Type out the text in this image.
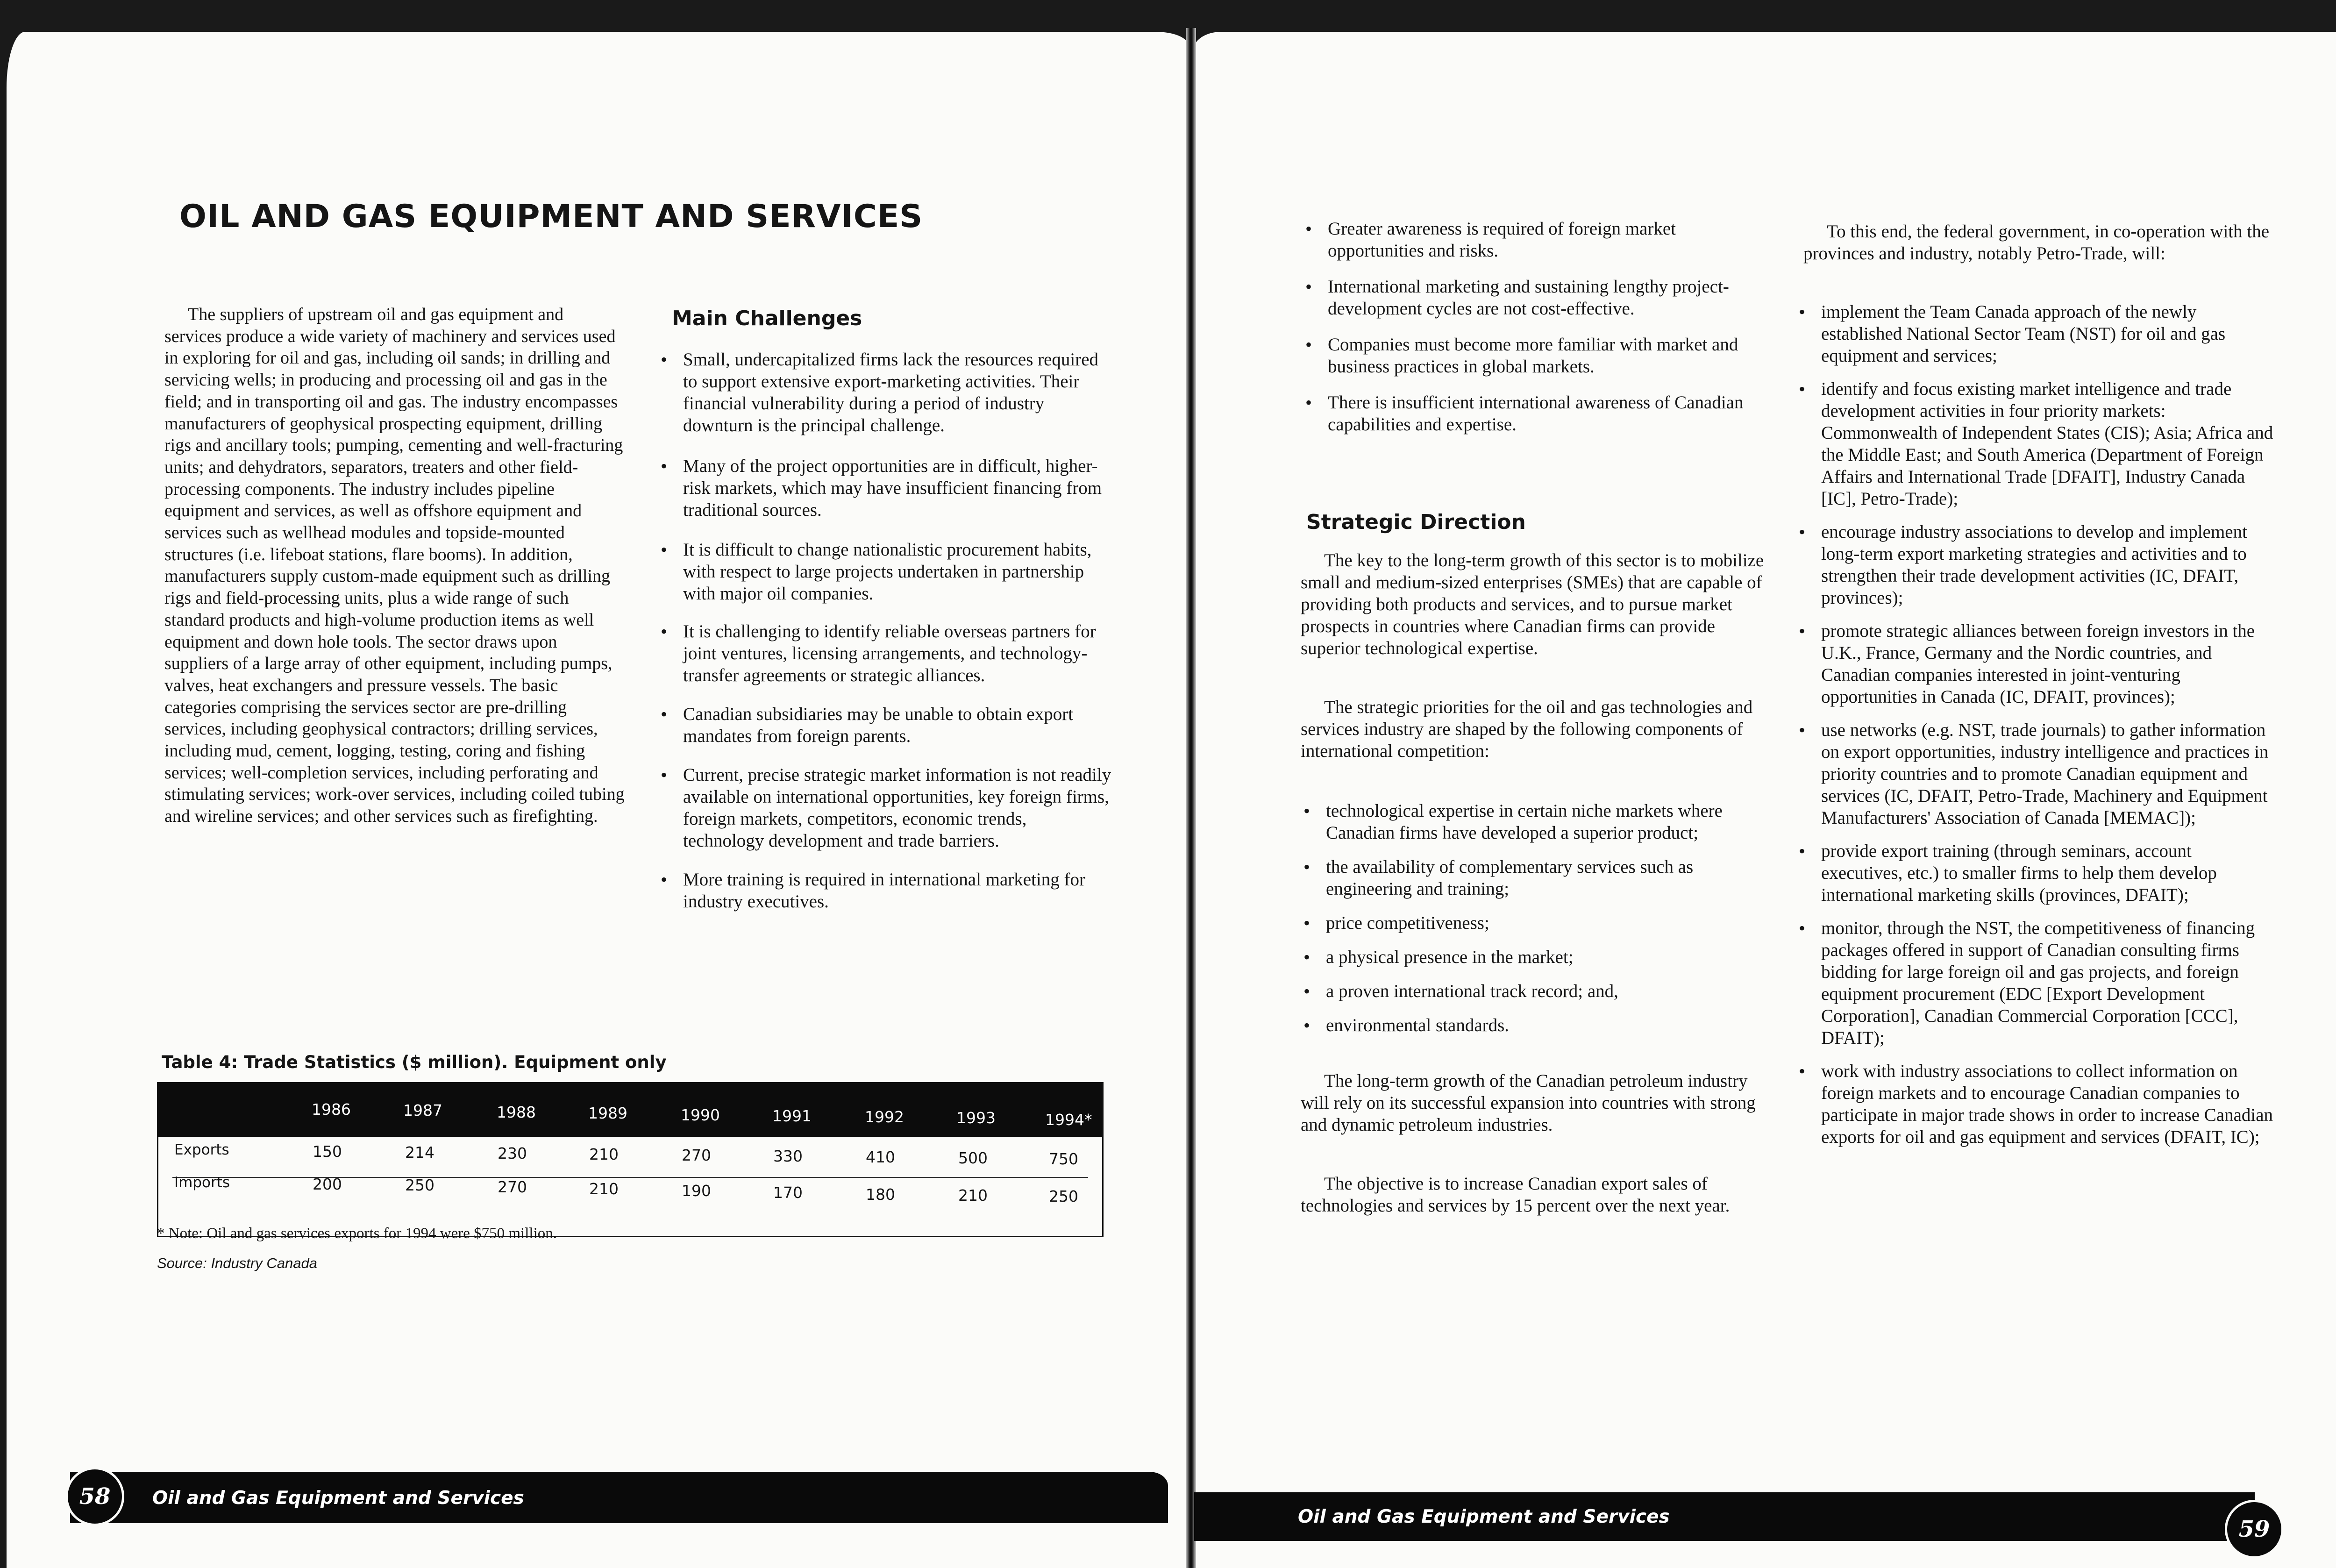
OIL AND GAS EQUIPMENT AND SERVICES

The suppliers of upstream oil and gas equipment and services produce a wide variety of machinery and services used in exploring for oil and gas, including oil sands; in drilling and servicing wells; in producing and processing oil and gas in the field; and in transporting oil and gas. The industry encompasses manufacturers of geophysical prospecting equipment, drilling rigs and ancillary tools; pumping, cementing and well-fracturing units; and dehydrators, separators, treaters and other field-processing components. The industry includes pipeline equipment and services, as well as offshore equipment and services such as wellhead modules and topside-mounted structures (i.e. lifeboat stations, flare booms). In addition, manufacturers supply custom-made equipment such as drilling rigs and field-processing units, plus a wide range of such standard products and high-volume production items as well equipment and down hole tools. The sector draws upon suppliers of a large array of other equipment, including pumps, valves, heat exchangers and pressure vessels. The basic categories comprising the services sector are pre-drilling services, including geophysical contractors; drilling services, including mud, cement, logging, testing, coring and fishing services; well-completion services, including perforating and stimulating services; work-over services, including coiled tubing and wireline services; and other services such as firefighting.

Main Challenges
• Small, undercapitalized firms lack the resources required to support extensive export-marketing activities. Their financial vulnerability during a period of industry downturn is the principal challenge.
• Many of the project opportunities are in difficult, higher-risk markets, which may have insufficient financing from traditional sources.
• It is difficult to change nationalistic procurement habits, with respect to large projects undertaken in partnership with major oil companies.
• It is challenging to identify reliable overseas partners for joint ventures, licensing arrangements, and technology-transfer agreements or strategic alliances.
• Canadian subsidiaries may be unable to obtain export mandates from foreign parents.
• Current, precise strategic market information is not readily available on international opportunities, key foreign firms, foreign markets, competitors, economic trends, technology development and trade barriers.
• More training is required in international marketing for industry executives.

Table 4: Trade Statistics ($ million). Equipment only

1986	1987	1988	1989	1990	1991	1992	1993	1994*
Exports	150	214	230	210	270	330	410	500	750
Imports	200	250	270	210	190	170	180	210	250

* Note: Oil and gas services exports for 1994 were $750 million.

Source: Industry Canada

Oil and Gas Equipment and Services
58
• Greater awareness is required of foreign market opportunities and risks.
• International marketing and sustaining lengthy project-development cycles are not cost-effective.
• Companies must become more familiar with market and business practices in global markets.
• There is insufficient international awareness of Canadian capabilities and expertise.
Strategic Direction

The key to the long-term growth of this sector is to mobilize small and medium-sized enterprises (SMEs) that are capable of providing both products and services, and to pursue market prospects in countries where Canadian firms can provide superior technological expertise.

The strategic priorities for the oil and gas technologies and services industry are shaped by the following components of international competition:

• technological expertise in certain niche markets where Canadian firms have developed a superior product;
• the availability of complementary services such as engineering and training;
• price competitiveness;
• a physical presence in the market;
• a proven international track record; and,
• environmental standards.

The long-term growth of the Canadian petroleum industry will rely on its successful expansion into countries with strong and dynamic petroleum industries.

The objective is to increase Canadian export sales of technologies and services by 15 percent over the next year.

To this end, the federal government, in co-operation with the provinces and industry, notably Petro-Trade, will:

• implement the Team Canada approach of the newly established National Sector Team (NST) for oil and gas equipment and services;
• identify and focus existing market intelligence and trade development activities in four priority markets: Commonwealth of Independent States (CIS); Asia; Africa and the Middle East; and South America (Department of Foreign Affairs and International Trade [DFAIT], Industry Canada [IC], Petro-Trade);
• encourage industry associations to develop and implement long-term export marketing strategies and activities and to strengthen their trade development activities (IC, DFAIT, provinces);
• promote strategic alliances between foreign investors in the U.K., France, Germany and the Nordic countries, and Canadian companies interested in joint-venturing opportunities in Canada (IC, DFAIT, provinces);
• use networks (e.g. NST, trade journals) to gather information on export opportunities, industry intelligence and practices in priority countries and to promote Canadian equipment and services (IC, DFAIT, Petro-Trade, Machinery and Equipment Manufacturers' Association of Canada [MEMAC]);
• provide export training (through seminars, account executives, etc.) to smaller firms to help them develop international marketing skills (provinces, DFAIT);
• monitor, through the NST, the competitiveness of financing packages offered in support of Canadian consulting firms bidding for large foreign oil and gas projects, and foreign equipment procurement (EDC [Export Development Corporation], Canadian Commercial Corporation [CCC], DFAIT);
• work with industry associations to collect information on foreign markets and to encourage Canadian companies to participate in major trade shows in order to increase Canadian exports for oil and gas equipment and services (DFAIT, IC);
Oil and Gas Equipment and Services	59
